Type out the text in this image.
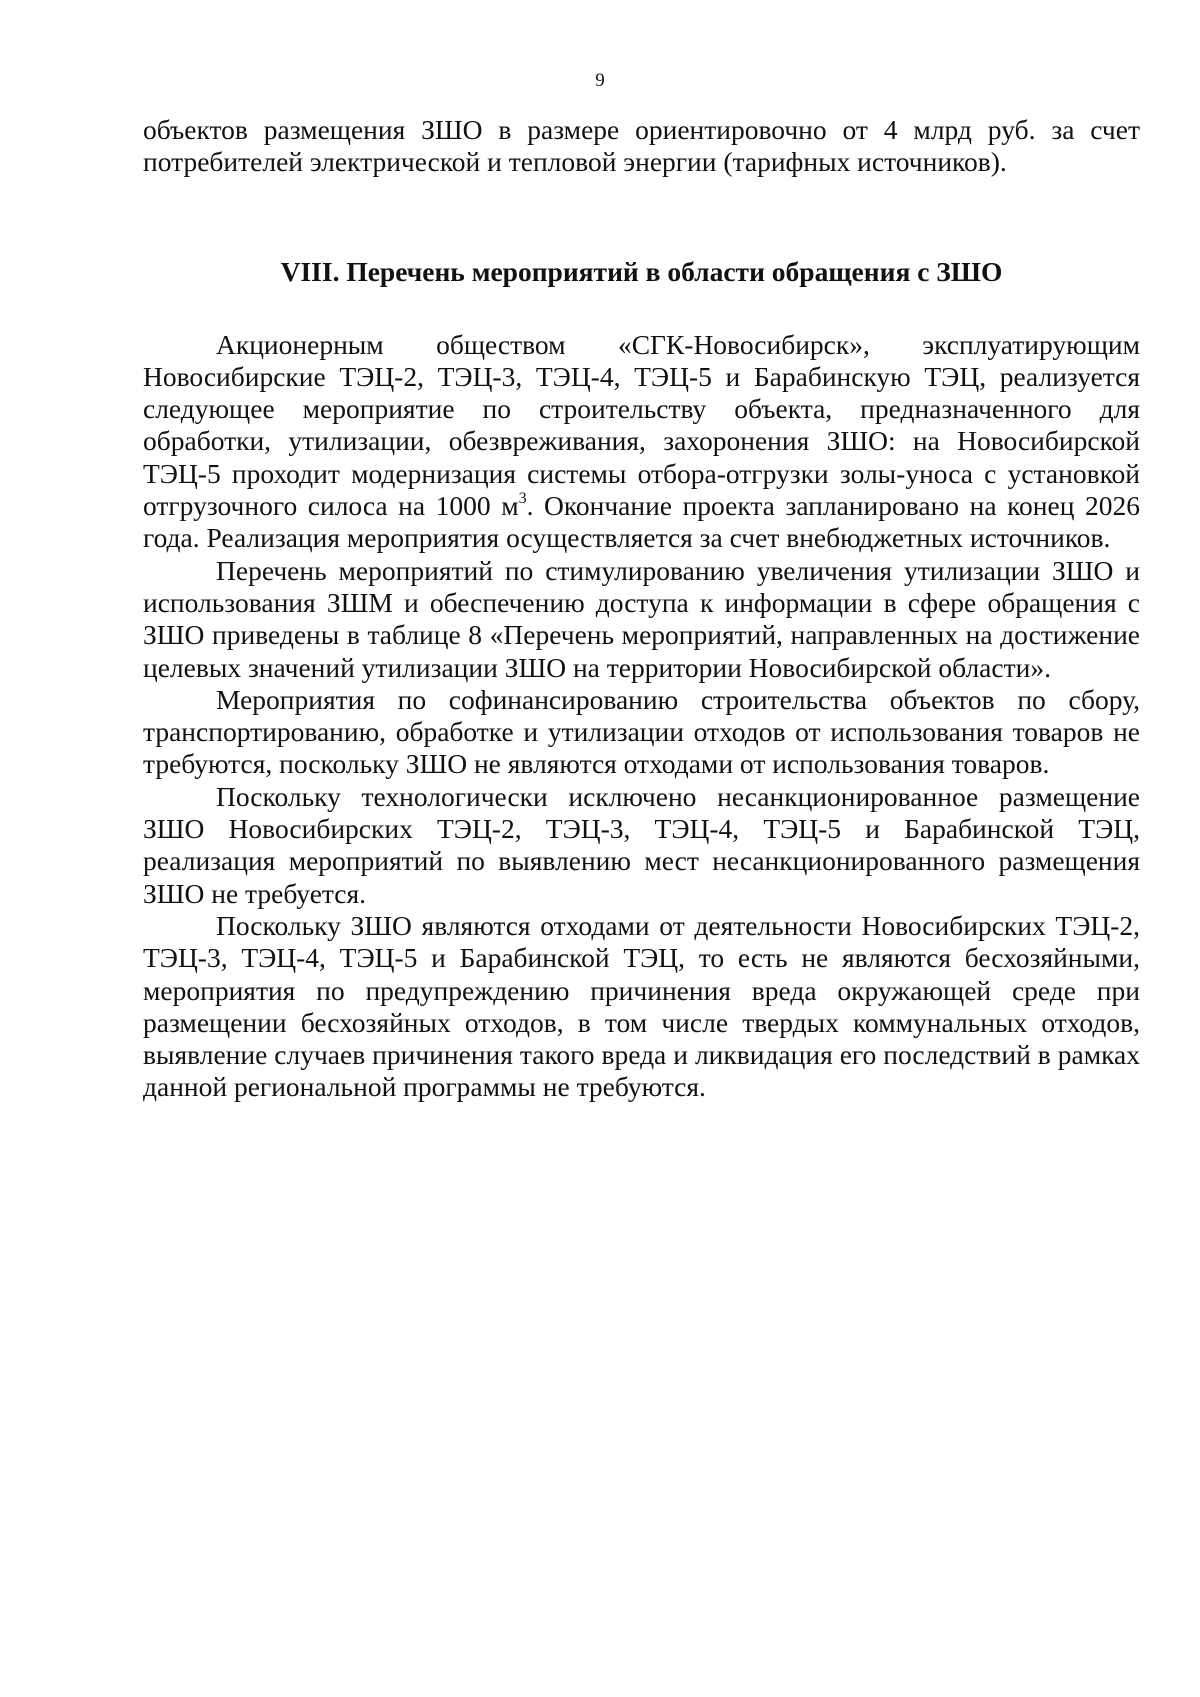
9

объектов размещения ЗШО в размере ориентировочно от 4 млрд руб. за счет потребителей электрической и тепловой энергии (тарифных источников).

VIII. Перечень мероприятий в области обращения с ЗШО

Акционерным обществом «СГК-Новосибирск», эксплуатирующим Новосибирские ТЭЦ-2, ТЭЦ-3, ТЭЦ-4, ТЭЦ-5 и Барабинскую ТЭЦ, реализуется следующее мероприятие по строительству объекта, предназначенного для обработки, утилизации, обезвреживания, захоронения ЗШО: на Новосибирской ТЭЦ-5 проходит модернизация системы отбора-отгрузки золы-уноса с установкой отгрузочного силоса на 1000 $м^3$. Окончание проекта запланировано на конец 2026 года. Реализация мероприятия осуществляется за счет внебюджетных источников.

Перечень мероприятий по стимулированию увеличения утилизации ЗШО и использования ЗШМ и обеспечению доступа к информации в сфере обращения с ЗШО приведены в таблице 8 «Перечень мероприятий, направленных на достижение целевых значений утилизации ЗШО на территории Новосибирской области».

Мероприятия по софинансированию строительства объектов по сбору, транспортированию, обработке и утилизации отходов от использования товаров не требуются, поскольку ЗШО не являются отходами от использования товаров.

Поскольку технологически исключено несанкционированное размещение ЗШО Новосибирских ТЭЦ-2, ТЭЦ-3, ТЭЦ-4, ТЭЦ-5 и Барабинской ТЭЦ, реализация мероприятий по выявлению мест несанкционированного размещения ЗШО не требуется.

Поскольку ЗШО являются отходами от деятельности Новосибирских ТЭЦ-2, ТЭЦ-3, ТЭЦ-4, ТЭЦ-5 и Барабинской ТЭЦ, то есть не являются бесхозяйными, мероприятия по предупреждению причинения вреда окружающей среде при размещении бесхозяйных отходов, в том числе твердых коммунальных отходов, выявление случаев причинения такого вреда и ликвидация его последствий в рамках данной региональной программы не требуются.
